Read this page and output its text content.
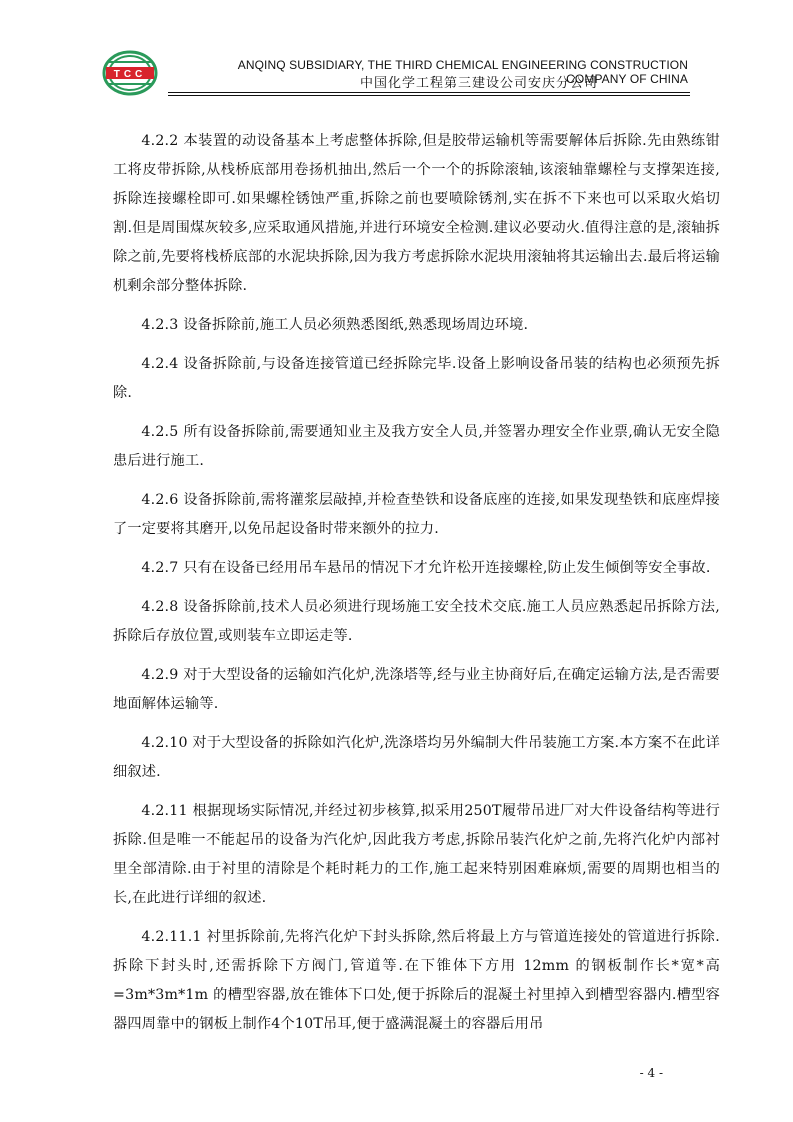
TCC
ANQINQ SUBSIDIARY, THE THIRD CHEMICAL ENGINEERING CONSTRUCTION COMPANY OF CHINA
中国化学工程第三建设公司安庆分公司

4.2.2 本装置的动设备基本上考虑整体拆除,但是胶带运输机等需要解体后拆除.先由熟练钳工将皮带拆除,从栈桥底部用卷扬机抽出,然后一个一个的拆除滚轴,该滚轴靠螺栓与支撑架连接,拆除连接螺栓即可.如果螺栓锈蚀严重,拆除之前也要喷除锈剂,实在拆不下来也可以采取火焰切割.但是周围煤灰较多,应采取通风措施,并进行环境安全检测.建议必要动火.值得注意的是,滚轴拆除之前,先要将栈桥底部的水泥块拆除,因为我方考虑拆除水泥块用滚轴将其运输出去.最后将运输机剩余部分整体拆除.

4.2.3 设备拆除前,施工人员必须熟悉图纸,熟悉现场周边环境.

4.2.4 设备拆除前,与设备连接管道已经拆除完毕.设备上影响设备吊装的结构也必须预先拆除.

4.2.5 所有设备拆除前,需要通知业主及我方安全人员,并签署办理安全作业票,确认无安全隐患后进行施工.

4.2.6 设备拆除前,需将灌浆层敲掉,并检查垫铁和设备底座的连接,如果发现垫铁和底座焊接了一定要将其磨开,以免吊起设备时带来额外的拉力.

4.2.7 只有在设备已经用吊车悬吊的情况下才允许松开连接螺栓,防止发生倾倒等安全事故.

4.2.8 设备拆除前,技术人员必须进行现场施工安全技术交底.施工人员应熟悉起吊拆除方法,拆除后存放位置,或则装车立即运走等.

4.2.9 对于大型设备的运输如汽化炉,洗涤塔等,经与业主协商好后,在确定运输方法,是否需要地面解体运输等.

4.2.10 对于大型设备的拆除如汽化炉,洗涤塔均另外编制大件吊装施工方案.本方案不在此详细叙述.

4.2.11 根据现场实际情况,并经过初步核算,拟采用250T履带吊进厂对大件设备结构等进行拆除.但是唯一不能起吊的设备为汽化炉,因此我方考虑,拆除吊装汽化炉之前,先将汽化炉内部衬里全部清除.由于衬里的清除是个耗时耗力的工作,施工起来特别困难麻烦,需要的周期也相当的长,在此进行详细的叙述.

4.2.11.1 衬里拆除前,先将汽化炉下封头拆除,然后将最上方与管道连接处的管道进行拆除.拆除下封头时,还需拆除下方阀门,管道等.在下锥体下方用 12mm 的钢板制作长*宽*高=3m*3m*1m 的槽型容器,放在锥体下口处,便于拆除后的混凝土衬里掉入到槽型容器内.槽型容器四周靠中的钢板上制作4个10T吊耳,便于盛满混凝土的容器后用吊

- 4 -
